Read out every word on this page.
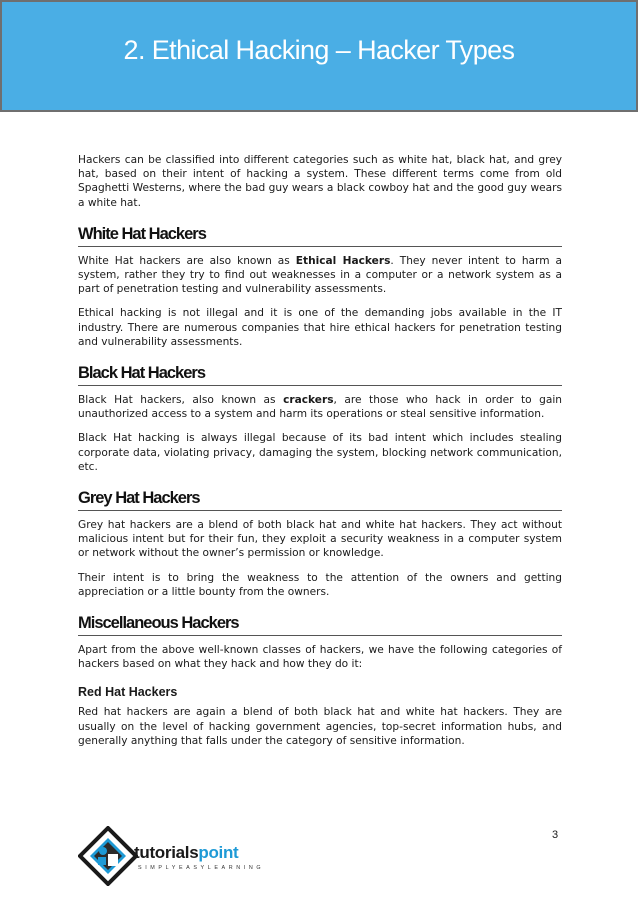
2. Ethical Hacking – Hacker Types

Hackers can be classified into different categories such as white hat, black hat, and grey hat, based on their intent of hacking a system. These different terms come from old Spaghetti Westerns, where the bad guy wears a black cowboy hat and the good guy wears a white hat.

White Hat Hackers

White Hat hackers are also known as Ethical Hackers. They never intent to harm a system, rather they try to find out weaknesses in a computer or a network system as a part of penetration testing and vulnerability assessments.

Ethical hacking is not illegal and it is one of the demanding jobs available in the IT industry. There are numerous companies that hire ethical hackers for penetration testing and vulnerability assessments.

Black Hat Hackers

Black Hat hackers, also known as crackers, are those who hack in order to gain unauthorized access to a system and harm its operations or steal sensitive information.

Black Hat hacking is always illegal because of its bad intent which includes stealing corporate data, violating privacy, damaging the system, blocking network communication, etc.

Grey Hat Hackers

Grey hat hackers are a blend of both black hat and white hat hackers. They act without malicious intent but for their fun, they exploit a security weakness in a computer system or network without the owner’s permission or knowledge.

Their intent is to bring the weakness to the attention of the owners and getting appreciation or a little bounty from the owners.

Miscellaneous Hackers

Apart from the above well-known classes of hackers, we have the following categories of hackers based on what they hack and how they do it:

Red Hat Hackers

Red hat hackers are again a blend of both black hat and white hat hackers. They are usually on the level of hacking government agencies, top-secret information hubs, and generally anything that falls under the category of sensitive information.

3
tutorialspoint
SIMPLYEASYLEARNING
